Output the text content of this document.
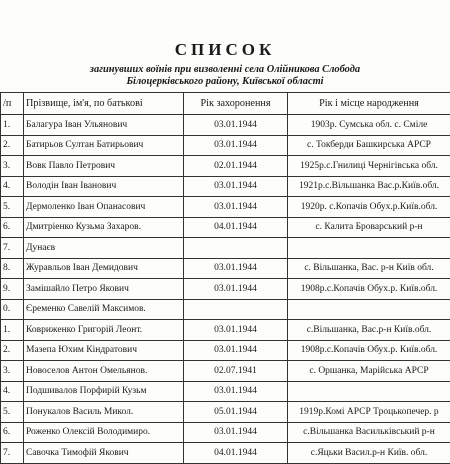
СПИСОК
загинувших воїнів при визволенні села Олійникова Слобода
Білоцерківського району, Київської області
/п	Прізвище, ім'я, по батькові	Рік захоронення	Рік і місце народження
1.	Балагура Іван Ульянович	03.01.1944	1903р. Сумська обл. с. Сміле
2.	Батирьов Султан Батирьович	03.01.1944	с. Токберди Башкирська АРСР
3.	Вовк Павло Петрович	02.01.1944	1925р.с.Гнилиці Чернігівська обл.
4.	Володін Іван Іванович	03.01.1944	1921р.с.Вільшанка Вас.р.Київ.обл.
5.	Дермоленко Іван Опанасович	03.01.1944	1920р. с.Копачів Обух.р.Київ.обл.
6.	Дмитріенко Кузьма Захаров.	04.01.1944	с. Калита Броварський р-н
7.	Дунаєв		
8.	Журавльов Іван Демидович	03.01.1944	с. Вільшанка, Вас. р-н Київ обл.
9.	Замішайло Петро Якович	03.01.1944	1908р.с.Копачів Обух.р. Київ.обл.
0.	Єременко Савелій Максимов.		
1.	Ковриженко Григорій Леонт.	03.01.1944	с.Вільшанка, Вас.р-н Київ.обл.
2.	Мазепа Юхим Кіндратович	03.01.1944	1908р.с.Копачів Обух.р. Київ.обл.
3.	Новоселов Антон Омельянов.	02.07.1941	с. Оршанка, Марійська АРСР
4.	Подшивалов Порфирій Кузьм	03.01.1944	
5.	Понукалов Василь Микол.	05.01.1944	1919р.Комі АРСР Троцькопечер. р
6.	Роженко Олексій Володимиро.	03.01.1944	с.Вільшанка Васильківський р-н
7.	Савочка Тимофій Якович	04.01.1944	с.Яцьки Васил.р-н Київ. обл.
